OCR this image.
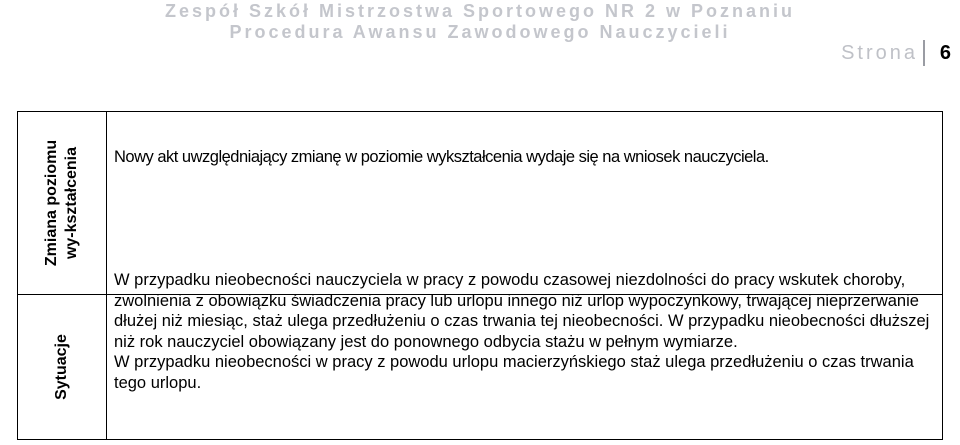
Zespół Szkół Mistrzostwa Sportowego NR 2 w Poznaniu
Procedura Awansu Zawodowego Nauczycieli
Strona 6
Zmiana poziomu wy-kształcenia	Nowy akt uwzględniający zmianę w poziomie wykształcenia wydaje się na wniosek nauczyciela.

Sytuacje	W przypadku nieobecności nauczyciela w pracy z powodu czasowej niezdolności do pracy wskutek choroby, zwolnienia z obowiązku świadczenia pracy lub urlopu innego niż urlop wypoczynkowy, trwającej nieprzerwanie dłużej niż miesiąc, staż ulega przedłużeniu o czas trwania tej nieobecności. W przypadku nieobecności dłuższej niż rok nauczyciel obowiązany jest do ponownego odbycia stażu w pełnym wymiarze.

W przypadku nieobecności w pracy z powodu urlopu macierzyńskiego staż ulega przedłużeniu o czas trwania tego urlopu.
